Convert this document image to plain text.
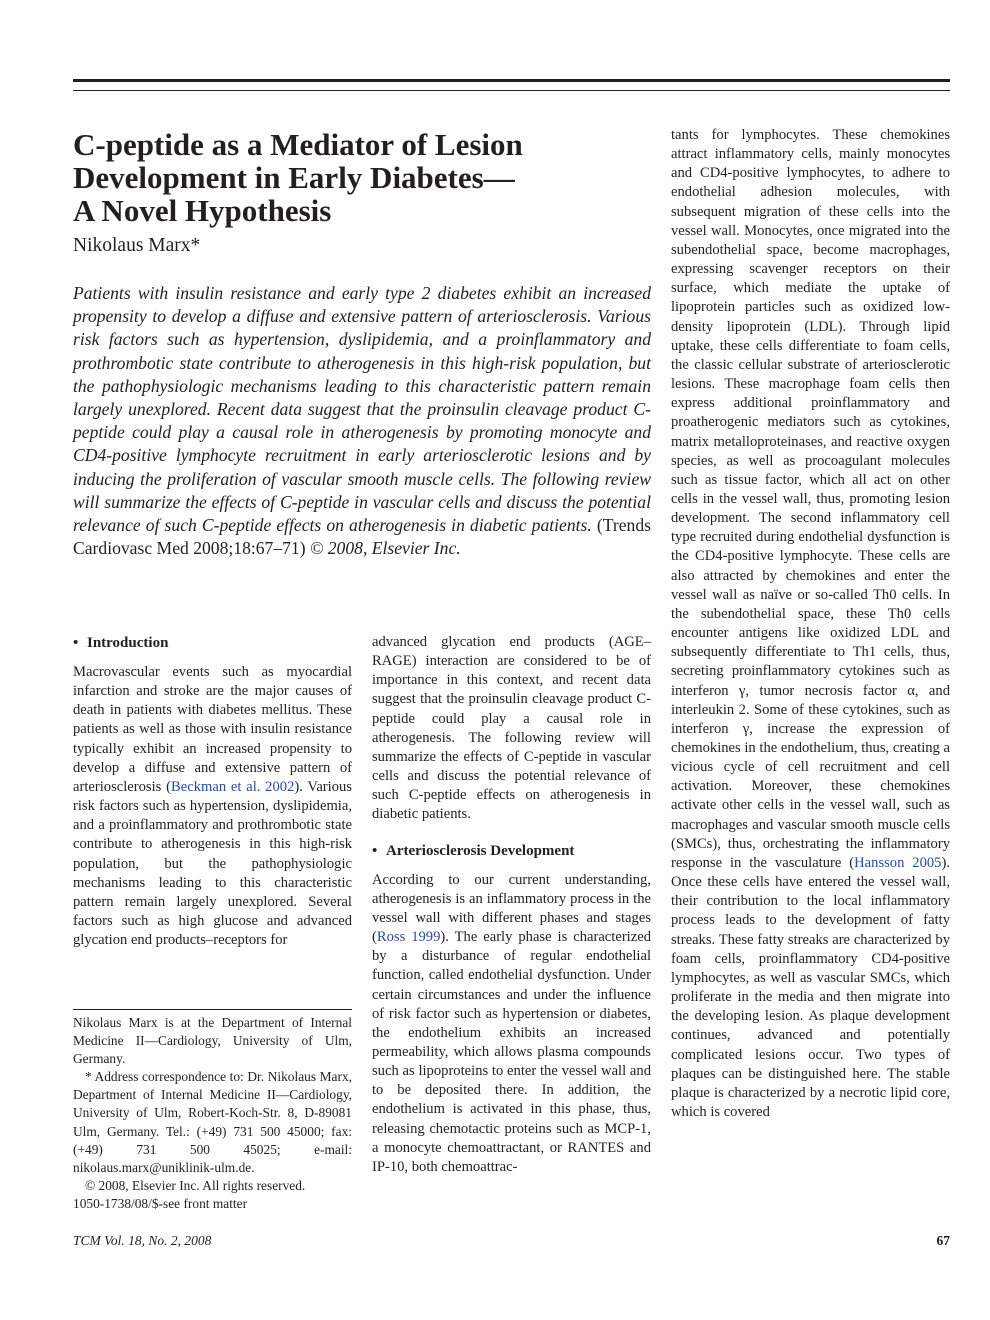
C-peptide as a Mediator of Lesion
Development in Early Diabetes—
A Novel Hypothesis

Nikolaus Marx*

Patients with insulin resistance and early type 2 diabetes exhibit an increased propensity to develop a diffuse and extensive pattern of arteriosclerosis. Various risk factors such as hypertension, dyslipidemia, and a proinflammatory and prothrombotic state contribute to atherogenesis in this high-risk population, but the pathophysiologic mechanisms leading to this characteristic pattern remain largely unexplored. Recent data suggest that the proinsulin cleavage product C-peptide could play a causal role in atherogenesis by promoting monocyte and CD4-positive lymphocyte recruitment in early arteriosclerotic lesions and by inducing the proliferation of vascular smooth muscle cells. The following review will summarize the effects of C-peptide in vascular cells and discuss the potential relevance of such C-peptide effects on atherogenesis in diabetic patients. (Trends Cardiovasc Med 2008;18:67–71) © 2008, Elsevier Inc.

• Introduction

Macrovascular events such as myocardial infarction and stroke are the major causes of death in patients with diabetes mellitus. These patients as well as those with insulin resistance typically exhibit an increased propensity to develop a diffuse and extensive pattern of arteriosclerosis (Beckman et al. 2002). Various risk factors such as hypertension, dyslipidemia, and a proinflammatory and prothrombotic state contribute to atherogenesis in this high-risk population, but the pathophysiologic mechanisms leading to this characteristic pattern remain largely unexplored. Several factors such as high glucose and advanced glycation end products–receptors for

Nikolaus Marx is at the Department of Internal Medicine II—Cardiology, University of Ulm, Germany.

* Address correspondence to: Dr. Nikolaus Marx, Department of Internal Medicine II—Cardiology, University of Ulm, Robert-Koch-Str. 8, D-89081 Ulm, Germany. Tel.: (+49) 731 500 45000; fax: (+49) 731 500 45025; e-mail: nikolaus.marx@uniklinik-ulm.de.

© 2008, Elsevier Inc. All rights reserved.

1050-1738/08/$-see front matter

advanced glycation end products (AGE–RAGE) interaction are considered to be of importance in this context, and recent data suggest that the proinsulin cleavage product C-peptide could play a causal role in atherogenesis. The following review will summarize the effects of C-peptide in vascular cells and discuss the potential relevance of such C-peptide effects on atherogenesis in diabetic patients.

• Arteriosclerosis Development

According to our current understanding, atherogenesis is an inflammatory process in the vessel wall with different phases and stages (Ross 1999). The early phase is characterized by a disturbance of regular endothelial function, called endothelial dysfunction. Under certain circumstances and under the influence of risk factor such as hypertension or diabetes, the endothelium exhibits an increased permeability, which allows plasma compounds such as lipoproteins to enter the vessel wall and to be deposited there. In addition, the endothelium is activated in this phase, thus, releasing chemotactic proteins such as MCP-1, a monocyte chemoattractant, or RANTES and IP-10, both chemoattrac-

tants for lymphocytes. These chemokines attract inflammatory cells, mainly monocytes and CD4-positive lymphocytes, to adhere to endothelial adhesion molecules, with subsequent migration of these cells into the vessel wall. Monocytes, once migrated into the subendothelial space, become macrophages, expressing scavenger receptors on their surface, which mediate the uptake of lipoprotein particles such as oxidized low-density lipoprotein (LDL). Through lipid uptake, these cells differentiate to foam cells, the classic cellular substrate of arteriosclerotic lesions. These macrophage foam cells then express additional proinflammatory and proatherogenic mediators such as cytokines, matrix metalloproteinases, and reactive oxygen species, as well as procoagulant molecules such as tissue factor, which all act on other cells in the vessel wall, thus, promoting lesion development. The second inflammatory cell type recruited during endothelial dysfunction is the CD4-positive lymphocyte. These cells are also attracted by chemokines and enter the vessel wall as naïve or so-called Th0 cells. In the subendothelial space, these Th0 cells encounter antigens like oxidized LDL and subsequently differentiate to Th1 cells, thus, secreting proinflammatory cytokines such as interferon γ, tumor necrosis factor α, and interleukin 2. Some of these cytokines, such as interferon γ, increase the expression of chemokines in the endothelium, thus, creating a vicious cycle of cell recruitment and cell activation. Moreover, these chemokines activate other cells in the vessel wall, such as macrophages and vascular smooth muscle cells (SMCs), thus, orchestrating the inflammatory response in the vasculature (Hansson 2005). Once these cells have entered the vessel wall, their contribution to the local inflammatory process leads to the development of fatty streaks. These fatty streaks are characterized by foam cells, proinflammatory CD4-positive lymphocytes, as well as vascular SMCs, which proliferate in the media and then migrate into the developing lesion. As plaque development continues, advanced and potentially complicated lesions occur. Two types of plaques can be distinguished here. The stable plaque is characterized by a necrotic lipid core, which is covered

TCM Vol. 18, No. 2, 2008	67
